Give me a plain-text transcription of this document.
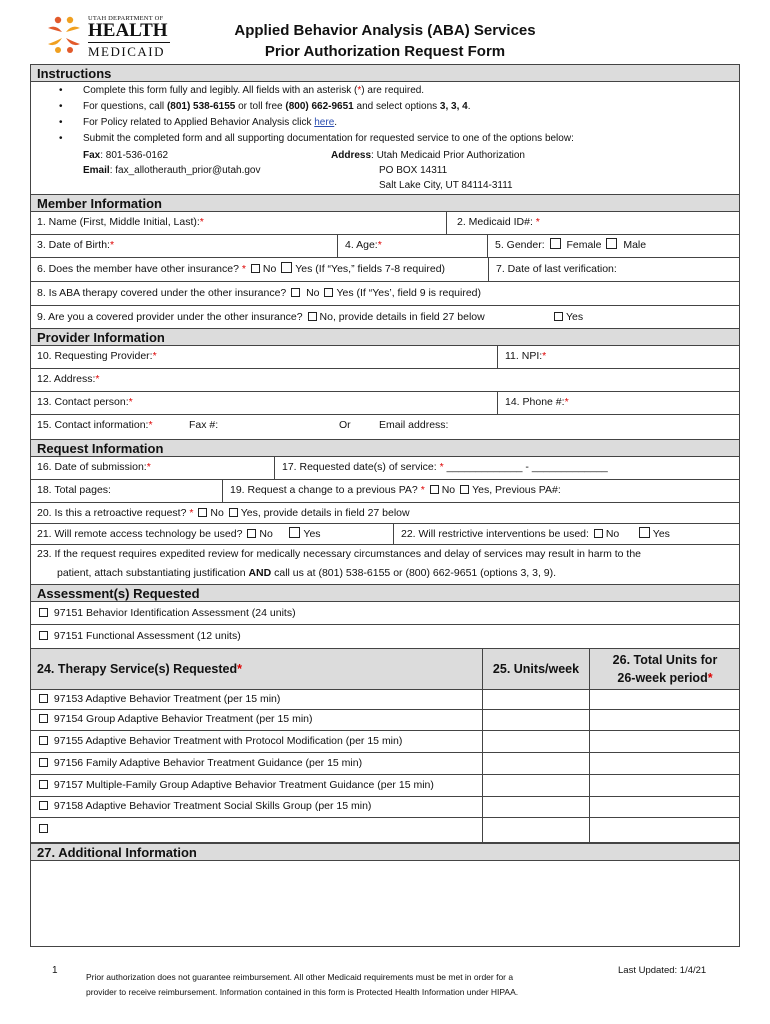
UTAH DEPARTMENT OF
HEALTH
MEDICAID
Applied Behavior Analysis (ABA) Services
Prior Authorization Request Form
Instructions
• Complete this form fully and legibly. All fields with an asterisk (*) are required.
• For questions, call (801) 538-6155 or toll free (800) 662-9651 and select options 3, 3, 4.
• For Policy related to Applied Behavior Analysis click here.
• Submit the completed form and all supporting documentation for requested service to one of the options below:
Fax: 801-536-0162
Email: fax_allotherauth_prior@utah.gov
Address: Utah Medicaid Prior Authorization
PO BOX 14311
Salt Lake City, UT 84114-3111
Member Information
1. Name (First, Middle Initial, Last):*	2. Medicaid ID#: *
3. Date of Birth:*	4. Age:*	5. Gender: Female Male
6. Does the member have other insurance? * No Yes (If “Yes,” fields 7-8 required)	7. Date of last verification:
8. Is ABA therapy covered under the other insurance? No Yes (If “Yes’, field 9 is required)
9. Are you a covered provider under the other insurance? No, provide details in field 27 below	Yes
Provider Information
10. Requesting Provider:*	11. NPI:*
12. Address:*
13. Contact person:*	14. Phone #:*
15. Contact information:*	Fax #:	Or	Email address:
Request Information
16. Date of submission:*	17. Requested date(s) of service: * _____________ - _____________
18. Total pages:	19. Request a change to a previous PA? * No Yes, Previous PA#:
20. Is this a retroactive request? * No Yes, provide details in field 27 below
21. Will remote access technology be used? No	Yes	22. Will restrictive interventions be used: No	Yes
23. If the request requires expedited review for medically necessary circumstances and delay of services may result in harm to the
patient, attach substantiating justification AND call us at (801) 538-6155 or (800) 662-9651 (options 3, 3, 9).
Assessment(s) Requested
97151 Behavior Identification Assessment (24 units)
97151 Functional Assessment (12 units)
24. Therapy Service(s) Requested*	25. Units/week
26. Total Units for
26-week period*
97153 Adaptive Behavior Treatment (per 15 min)
97154 Group Adaptive Behavior Treatment (per 15 min)
97155 Adaptive Behavior Treatment with Protocol Modification (per 15 min)
97156 Family Adaptive Behavior Treatment Guidance (per 15 min)
97157 Multiple-Family Group Adaptive Behavior Treatment Guidance (per 15 min)
97158 Adaptive Behavior Treatment Social Skills Group (per 15 min)
27. Additional Information
1
Prior authorization does not guarantee reimbursement. All other Medicaid requirements must be met in order for a
provider to receive reimbursement. Information contained in this form is Protected Health Information under HIPAA.
Last Updated: 1/4/21
